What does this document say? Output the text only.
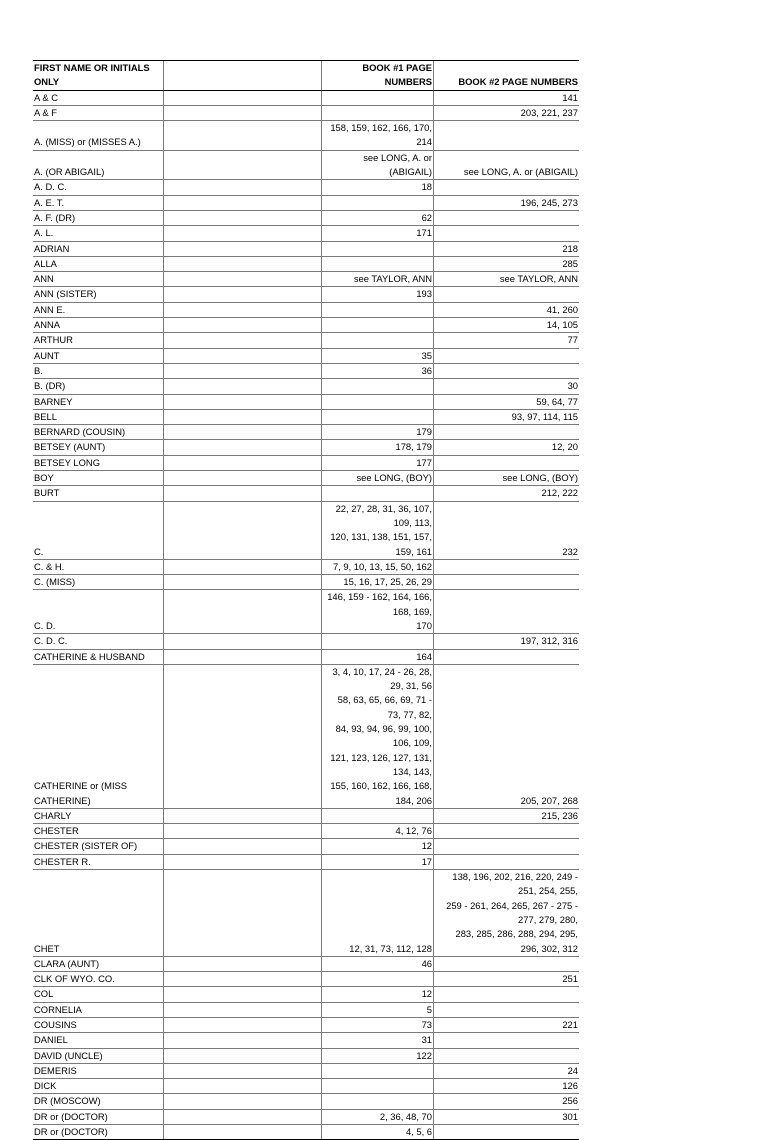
FIRST NAME OR INITIALS ONLY		BOOK #1 PAGE NUMBERS	BOOK #2 PAGE NUMBERS
A & C			141
A & F			203, 221, 237
A. (MISS) or (MISSES A.)		158, 159, 162, 166, 170, 214	
A. (OR ABIGAIL)		see LONG, A. or (ABIGAIL)	see LONG, A. or (ABIGAIL)
A. D. C.		18	
A. E. T.			196, 245, 273
A. F. (DR)		62	
A. L.		171	
ADRIAN			218
ALLA			285
ANN		see TAYLOR, ANN	see TAYLOR, ANN
ANN (SISTER)		193	
ANN E.			41, 260
ANNA			14, 105
ARTHUR			77
AUNT		35	
B.		36	
B. (DR)			30
BARNEY			59, 64, 77
BELL			93, 97, 114, 115
BERNARD (COUSIN)		179	
BETSEY (AUNT)		178, 179	12, 20
BETSEY LONG		177	
BOY		see LONG, (BOY)	see LONG, (BOY)
BURT			212, 222
C.		22, 27, 28, 31, 36, 107, 109, 113,
120, 131, 138, 151, 157, 159, 161	232
C. & H.		7, 9, 10, 13, 15, 50, 162	
C. (MISS)		15, 16, 17, 25, 26, 29	
C. D.		146, 159 - 162, 164, 166, 168, 169,
170	
C. D. C.			197, 312, 316
CATHERINE & HUSBAND		164	
CATHERINE or (MISS CATHERINE)		3, 4, 10, 17, 24 - 26, 28, 29, 31, 56
58, 63, 65, 66, 69, 71 - 73, 77, 82,
84, 93, 94, 96, 99, 100, 106, 109,
121, 123, 126, 127, 131, 134, 143,
155, 160, 162, 166, 168, 184, 206	205, 207, 268
CHARLY			215, 236
CHESTER		4, 12, 76	
CHESTER (SISTER OF)		12	
CHESTER R.		17	
CHET		12, 31, 73, 112, 128	138, 196, 202, 216, 220, 249 - 251, 254, 255,
259 - 261, 264, 265, 267 - 275 - 277, 279, 280,
283, 285, 286, 288, 294, 295, 296, 302, 312
CLARA (AUNT)		46	
CLK OF WYO. CO.			251
COL		12	
CORNELIA		5	
COUSINS		73	221
DANIEL		31	
DAVID (UNCLE)		122	
DEMERIS			24
DICK			126
DR (MOSCOW)			256
DR or (DOCTOR)		2, 36, 48, 70	301
DR or (DOCTOR)		4, 5, 6	
